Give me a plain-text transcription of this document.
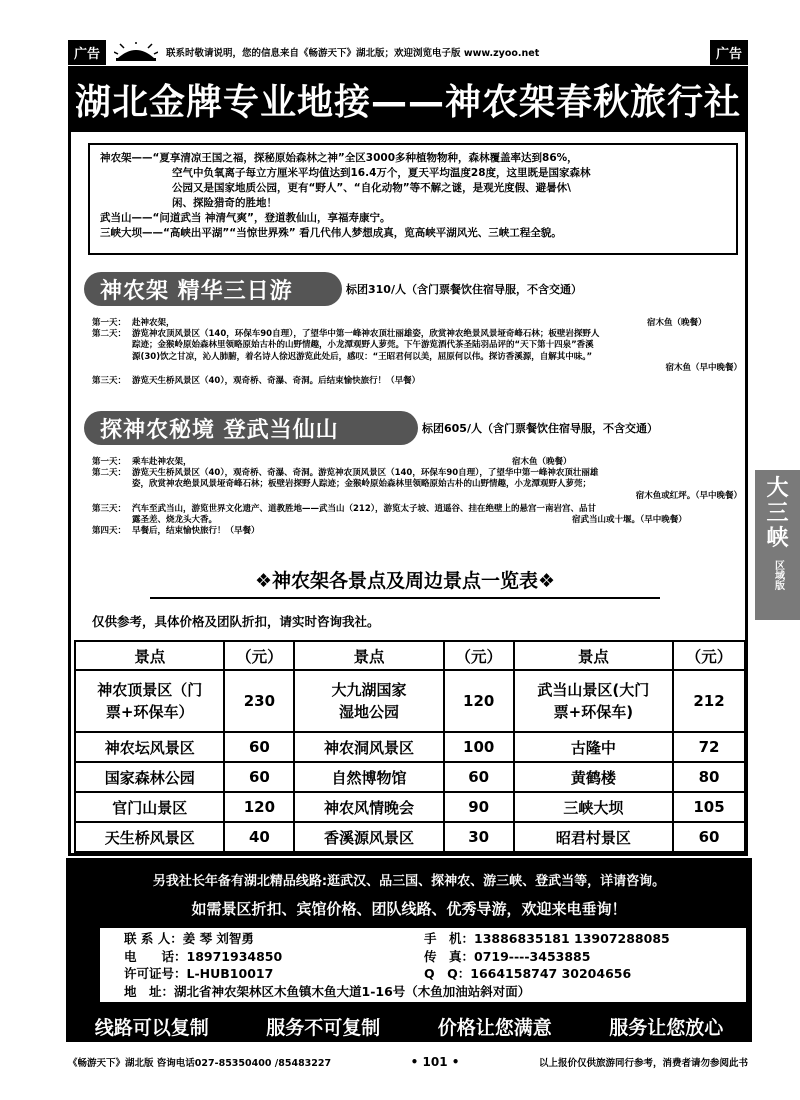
广告	联系时敬请说明，您的信息来自《畅游天下》湖北版；欢迎浏览电子版 www.zyoo.net	广告
湖北金牌专业地接——神农架春秋旅行社

神农架——“夏享清凉王国之福，探秘原始森林之神”全区3000多种植物物种，森林覆盖率达到86%，

空气中负氧离子每立方厘米平均值达到16.4万个，夏天平均温度28度，这里既是国家森林

公园又是国家地质公园，更有“野人”、“自化动物”等不解之谜，是观光度假、避暑休\

闲、探险猎奇的胜地！

武当山——“问道武当 神清气爽”，登道教仙山，享福寿康宁。

三峡大坝——“高峡出平湖”“当惊世界殊” 看几代伟人梦想成真，览高峡平湖风光、三峡工程全貌。

神农架 精华三日游	标团310/人（含门票餐饮住宿导服，不含交通）
第一天： 赴神农架，	宿木鱼（晚餐）
第二天： 游览神农顶风景区（140，环保车90自理），了望华中第一峰神农顶壮丽雄姿，欣赏神农绝景风景垭奇峰石林；板壁岩探野人
踪迹；金猴岭原始森林里领略原始古朴的山野情趣，小龙潭观野人萝莞。下午游览酒代茶圣陆羽品评的“天下第十四泉”香溪
源(30)饮之甘凉，沁人肺腑，着名诗人徐迟游览此处后，感叹：“王昭君何以美，屈原何以伟。探访香溪源，自解其中味。”
宿木鱼（早中晚餐）
第三天： 游览天生桥风景区（40），观奇桥、奇瀑、奇洞。后结束愉快旅行！（早餐）
探神农秘境 登武当仙山	标团605/人（含门票餐饮住宿导服，不含交通）
第一天： 乘车赴神农架，	宿木鱼（晚餐）
第二天： 游览天生桥风景区（40），观奇桥、奇瀑、奇洞。游览神农顶风景区（140，环保车90自理），了望华中第一峰神农顶壮丽雄
姿，欣赏神农绝景风景垭奇峰石林；板壁岩探野人踪迹；金猴岭原始森林里领略原始古朴的山野情趣，小龙潭观野人萝莞；
宿木鱼或红坪。（早中晚餐）
第三天： 汽车至武当山，游览世界文化遗产、道教胜地——武当山（212），游览太子坡、逍遥谷、挂在绝壁上的悬宫一南岩宫、品甘
露圣差、烧龙头大香。	宿武当山或十堰。（早中晚餐）
第四天： 早餐后，结束愉快旅行！（早餐）
❖神农架各景点及周边景点一览表❖
仅供参考，具体价格及团队折扣，请实时咨询我社。
景点	（元）	景点	（元）	景点	（元）
神农顶景区（门
票+环保车）	230	大九湖国家
湿地公园	120	武当山景区(大门
票+环保车)	212
神农坛风景区	60	神农洞风景区	100	古隆中	72
国家森林公园	60	自然博物馆	60	黄鹤楼	80
官门山景区	120	神农风情晚会	90	三峡大坝	105
天生桥风景区	40	香溪源风景区	30	昭君村景区	60
另我社长年备有湖北精品线路:逛武汉、品三国、探神农、游三峡、登武当等，详请咨询。
如需景区折扣、宾馆价格、团队线路、优秀导游，欢迎来电垂询！
联 系 人：姜 琴 刘智勇	手　机：13886835181 13907288085
电　　话：18971934850	传　真：0719----3453885
许可证号：L-HUB10017	Q　Q：1664158747 30204656
地　址： 湖北省神农架林区木鱼镇木鱼大道1-16号（木鱼加油站斜对面）
线路可以复制	服务不可复制	价格让您满意	服务让您放心
《畅游天下》湖北版 咨询电话027-85350400 /85483227	• 101 •	以上报价仅供旅游同行参考，消费者请勿参阅此书
大
三
峡
区域版
